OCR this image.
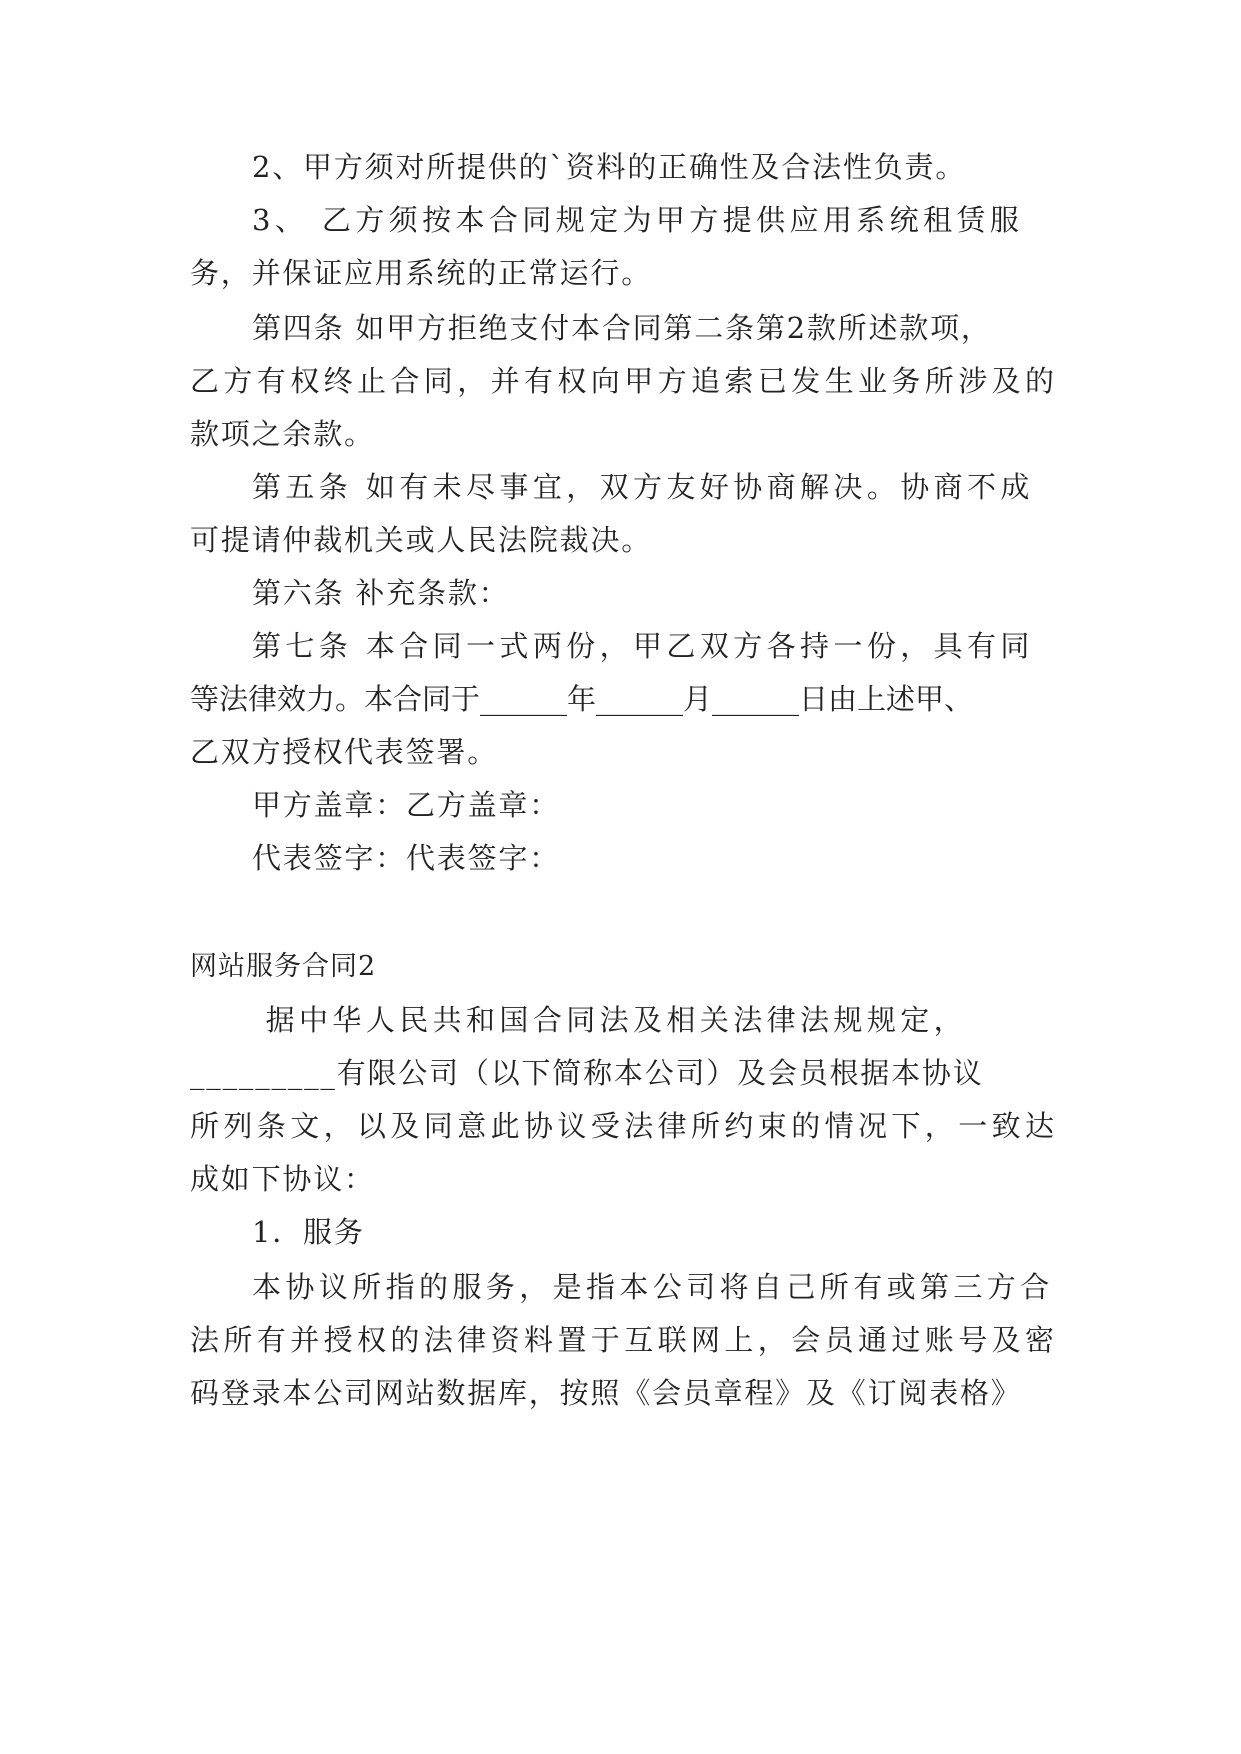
2、甲方须对所提供的`资料的正确性及合法性负责。

3、 乙方须按本合同规定为甲方提供应用系统租赁服

务，并保证应用系统的正常运行。

第四条 如甲方拒绝支付本合同第二条第2款所述款项，

乙方有权终止合同，并有权向甲方追索已发生业务所涉及的

款项之余款。

第五条 如有未尽事宜，双方友好协商解决。协商不成

可提请仲裁机关或人民法院裁决。

第六条 补充条款：

第七条 本合同一式两份，甲乙双方各持一份，具有同

等法律效力。本合同于______年______月______日由上述甲、

乙双方授权代表签署。

甲方盖章：乙方盖章：

代表签字：代表签字：

网站服务合同2

据中华人民共和国合同法及相关法律法规规定，

_________有限公司（以下简称本公司）及会员根据本协议

所列条文，以及同意此协议受法律所约束的情况下，一致达

成如下协议：

1．服务

本协议所指的服务，是指本公司将自己所有或第三方合

法所有并授权的法律资料置于互联网上，会员通过账号及密

码登录本公司网站数据库，按照《会员章程》及《订阅表格》
